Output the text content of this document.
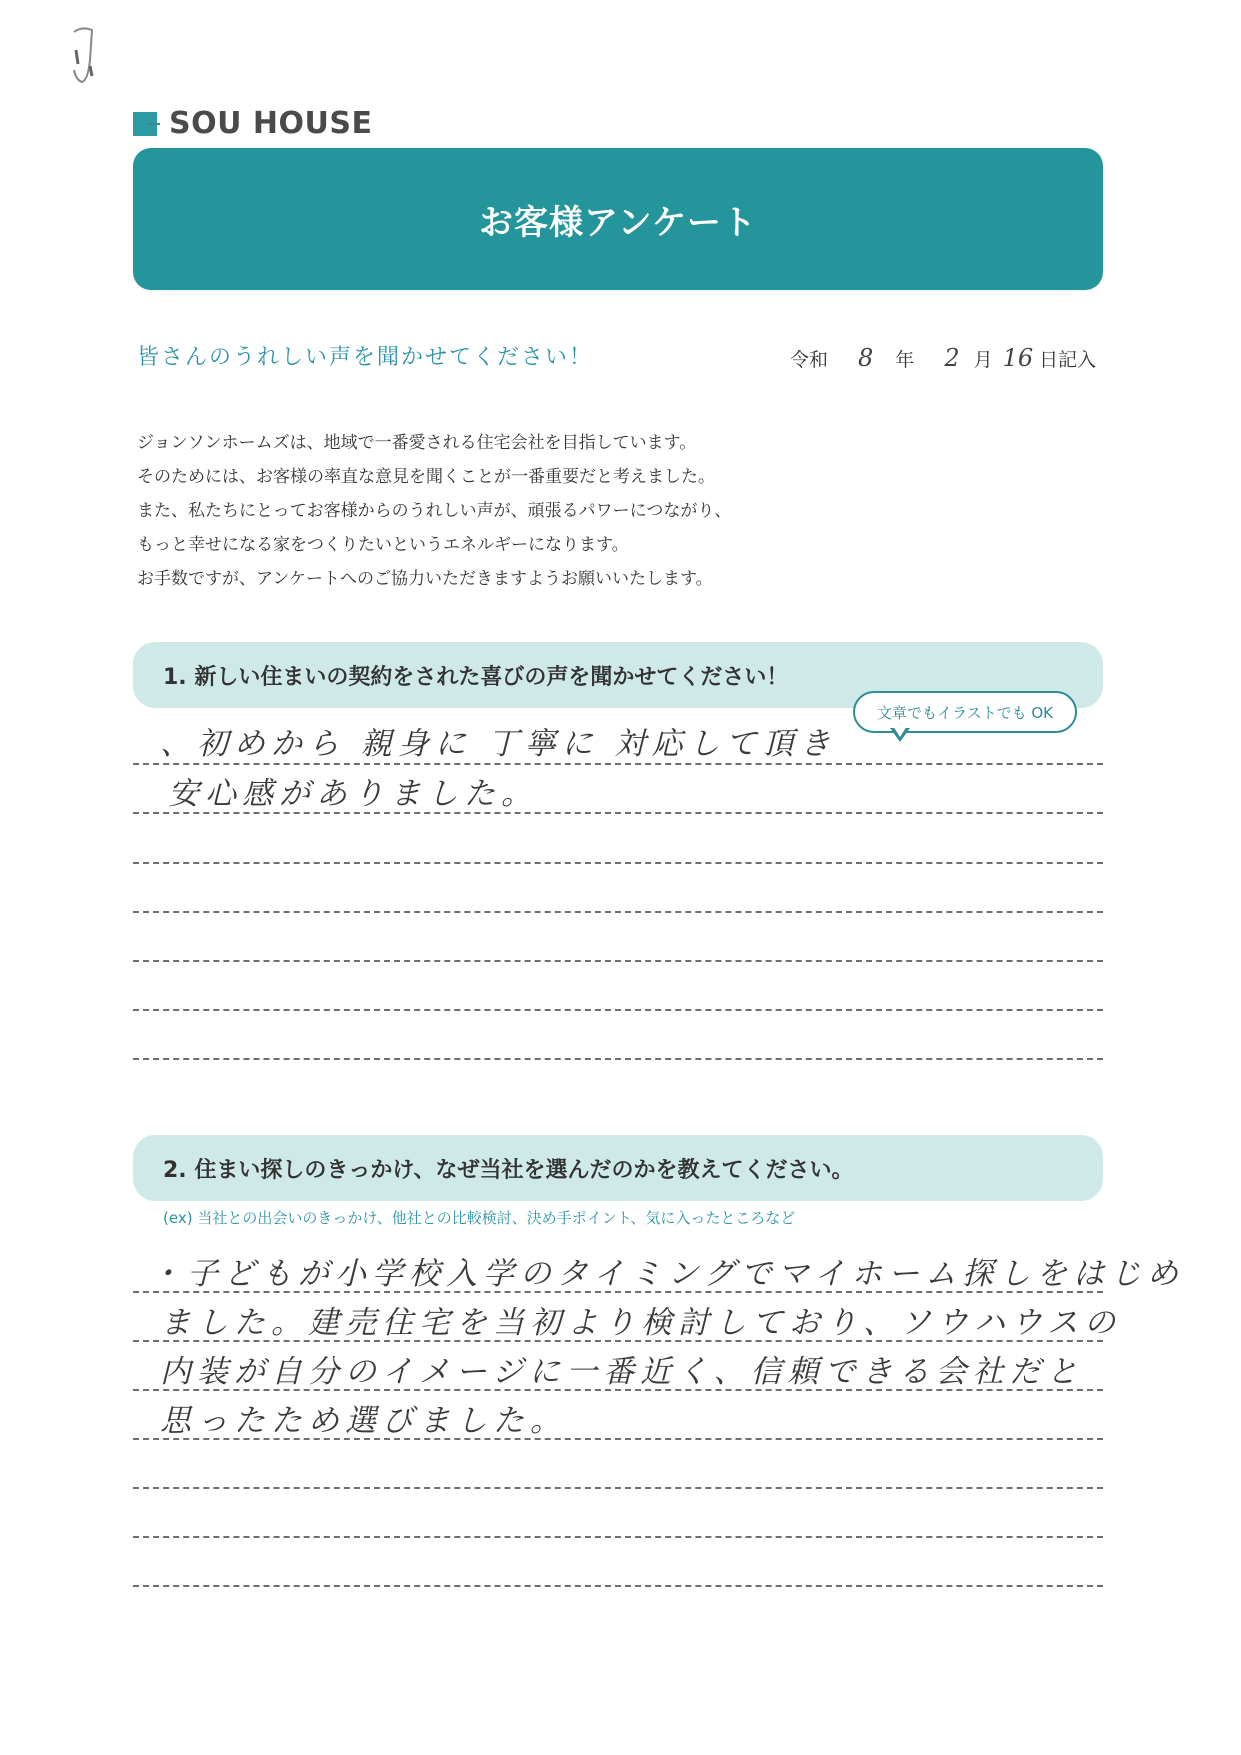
SOU HOUSE
お客様アンケート
皆さんのうれしい声を聞かせてください！	令和 8 年 2 月 16 日記入
ジョンソンホームズは、地域で一番愛される住宅会社を目指しています。
そのためには、お客様の率直な意見を聞くことが一番重要だと考えました。
また、私たちにとってお客様からのうれしい声が、頑張るパワーにつながり、
もっと幸せになる家をつくりたいというエネルギーになります。
お手数ですが、アンケートへのご協力いただきますようお願いいたします。
1. 新しい住まいの契約をされた喜びの声を聞かせてください！
文章でもイラストでも OK
、初めから 親身に 丁寧に 対応して頂き
安心感がありました。
2. 住まい探しのきっかけ、なぜ当社を選んだのかを教えてください。
(ex) 当社との出会いのきっかけ、他社との比較検討、決め手ポイント、気に入ったところなど
・子どもが小学校入学のタイミングでマイホーム探しをはじめ
ました。建売住宅を当初より検討しており、ソウハウスの
内装が自分のイメージに一番近く、信頼できる会社だと
思ったため選びました。
